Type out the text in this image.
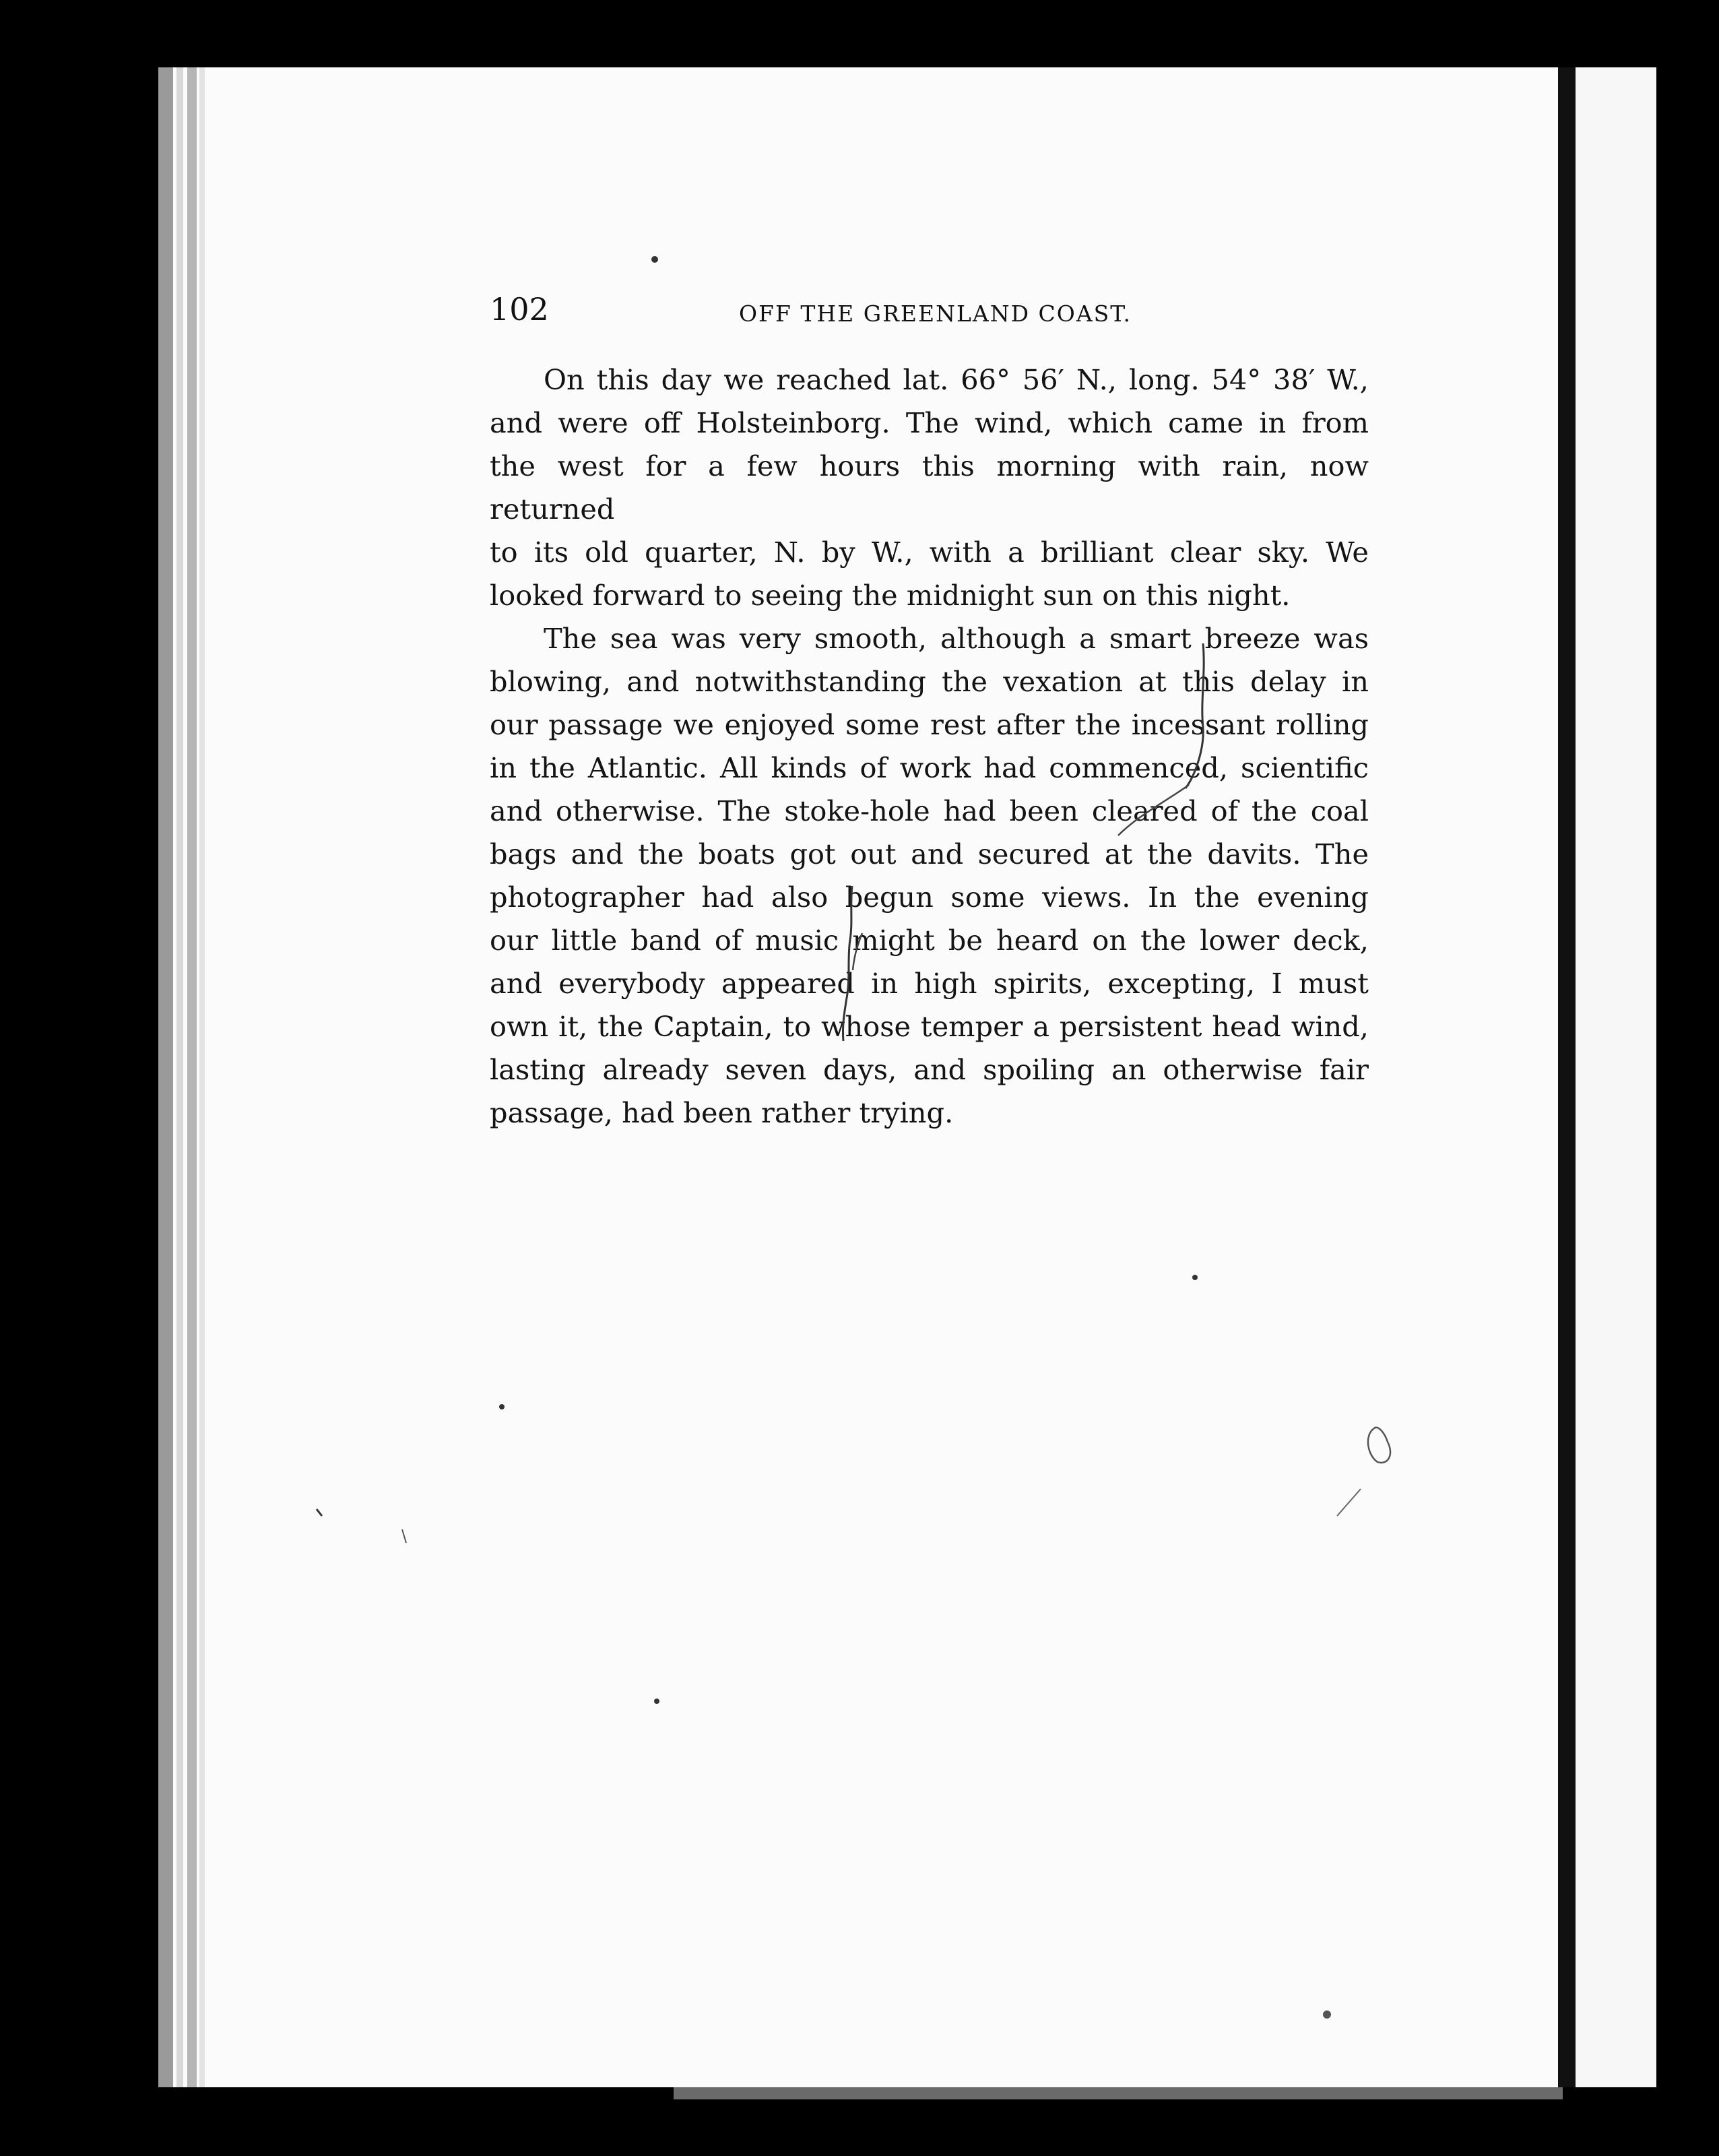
102	OFF THE GREENLAND COAST.

On this day we reached lat. 66° 56′ N., long. 54° 38′ W.,
and were off Holsteinborg. The wind, which came in from
the west for a few hours this morning with rain, now returned
to its old quarter, N. by W., with a brilliant clear sky. We
looked forward to seeing the midnight sun on this night.

The sea was very smooth, although a smart breeze was
blowing, and notwithstanding the vexation at this delay in
our passage we enjoyed some rest after the incessant rolling
in the Atlantic. All kinds of work had commenced, scientific
and otherwise. The stoke-hole had been cleared of the coal
bags and the boats got out and secured at the davits. The
photographer had also begun some views. In the evening
our little band of music might be heard on the lower deck,
and everybody appeared in high spirits, excepting, I must
own it, the Captain, to whose temper a persistent head wind,
lasting already seven days, and spoiling an otherwise fair
passage, had been rather trying.
